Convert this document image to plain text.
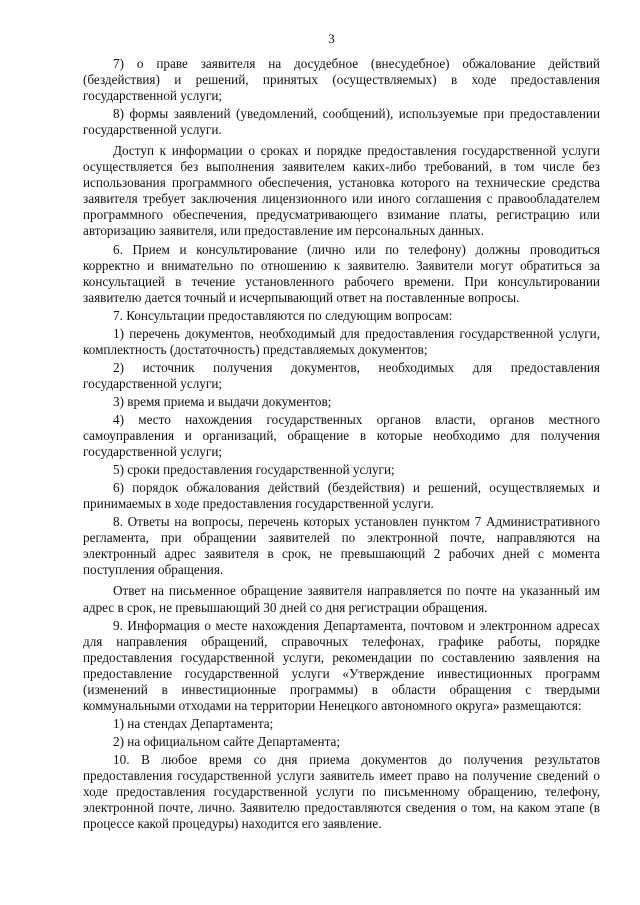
3

7) о праве заявителя на досудебное (внесудебное) обжалование действий (бездействия) и решений, принятых (осуществляемых) в ходе предоставления государственной услуги;

8) формы заявлений (уведомлений, сообщений), используемые при предоставлении государственной услуги.

Доступ к информации о сроках и порядке предоставления государственной услуги осуществляется без выполнения заявителем каких-либо требований, в том числе без использования программного обеспечения, установка которого на технические средства заявителя требует заключения лицензионного или иного соглашения с правообладателем программного обеспечения, предусматривающего взимание платы, регистрацию или авторизацию заявителя, или предоставление им персональных данных.

6. Прием и консультирование (лично или по телефону) должны проводиться корректно и внимательно по отношению к заявителю. Заявители могут обратиться за консультацией в течение установленного рабочего времени. При консультировании заявителю дается точный и исчерпывающий ответ на поставленные вопросы.

7. Консультации предоставляются по следующим вопросам:

1) перечень документов, необходимый для предоставления государственной услуги, комплектность (достаточность) представляемых документов;

2) источник получения документов, необходимых для предоставления государственной услуги;

3) время приема и выдачи документов;

4) место нахождения государственных органов власти, органов местного самоуправления и организаций, обращение в которые необходимо для получения государственной услуги;

5) сроки предоставления государственной услуги;

6) порядок обжалования действий (бездействия) и решений, осуществляемых и принимаемых в ходе предоставления государственной услуги.

8. Ответы на вопросы, перечень которых установлен пунктом 7 Административного регламента, при обращении заявителей по электронной почте, направляются на электронный адрес заявителя в срок, не превышающий 2 рабочих дней с момента поступления обращения.

Ответ на письменное обращение заявителя направляется по почте на указанный им адрес в срок, не превышающий 30 дней со дня регистрации обращения.

9. Информация о месте нахождения Департамента, почтовом и электронном адресах для направления обращений, справочных телефонах, графике работы, порядке предоставления государственной услуги, рекомендации по составлению заявления на предоставление государственной услуги «Утверждение инвестиционных программ (изменений в инвестиционные программы) в области обращения с твердыми коммунальными отходами на территории Ненецкого автономного округа» размещаются:

1) на стендах Департамента;

2) на официальном сайте Департамента;

10. В любое время со дня приема документов до получения результатов предоставления государственной услуги заявитель имеет право на получение сведений о ходе предоставления государственной услуги по письменному обращению, телефону, электронной почте, лично. Заявителю предоставляются сведения о том, на каком этапе (в процессе какой процедуры) находится его заявление.
